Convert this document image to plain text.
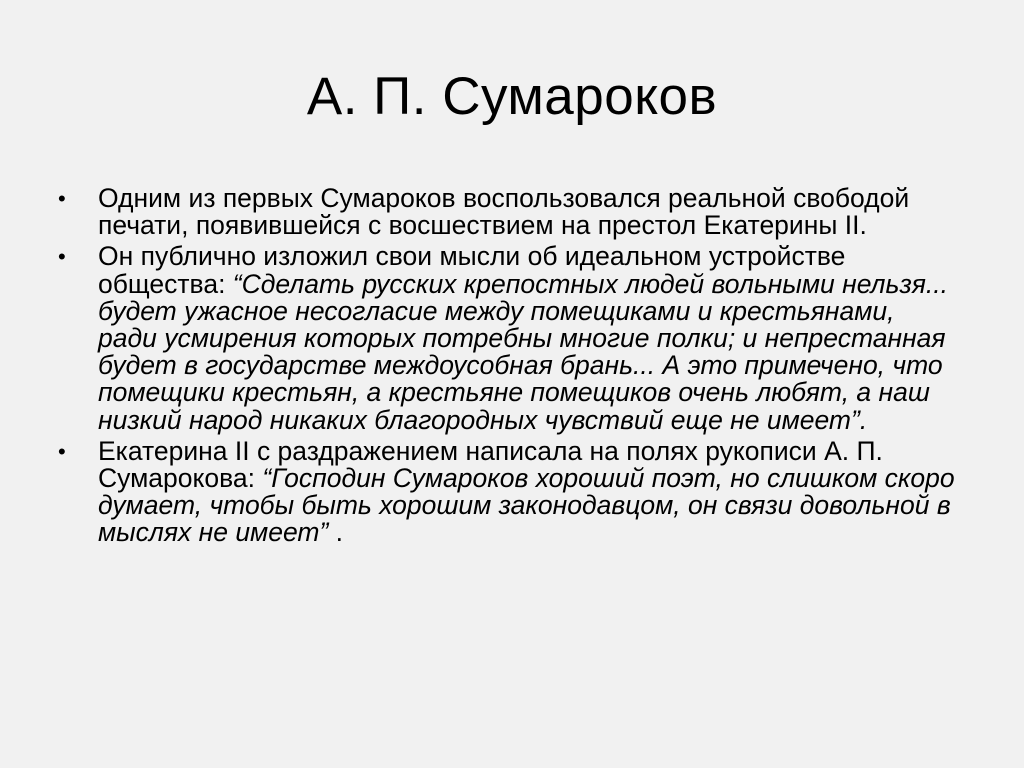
А. П. Сумароков
• Одним из первых Сумароков воспользовался реальной свободой печати, появившейся с восшествием на престол Екатерины II.
• Он публично изложил свои мысли об идеальном устройстве общества: “Сделать русских крепостных людей вольными нельзя... будет ужасное несогласие между помещиками и крестьянами, ради усмирения которых потребны многие полки; и непрестанная будет в государстве междоусобная брань... А это примечено, что помещики крестьян, а крестьяне помещиков очень любят, а наш низкий народ никаких благородных чувствий еще не имеет”.
• Екатерина II с раздражением написала на полях рукописи А. П. Сумарокова: “Господин Сумароков хороший поэт, но слишком скоро думает, чтобы быть хорошим законодавцом, он связи довольной в мыслях не имеет” .
